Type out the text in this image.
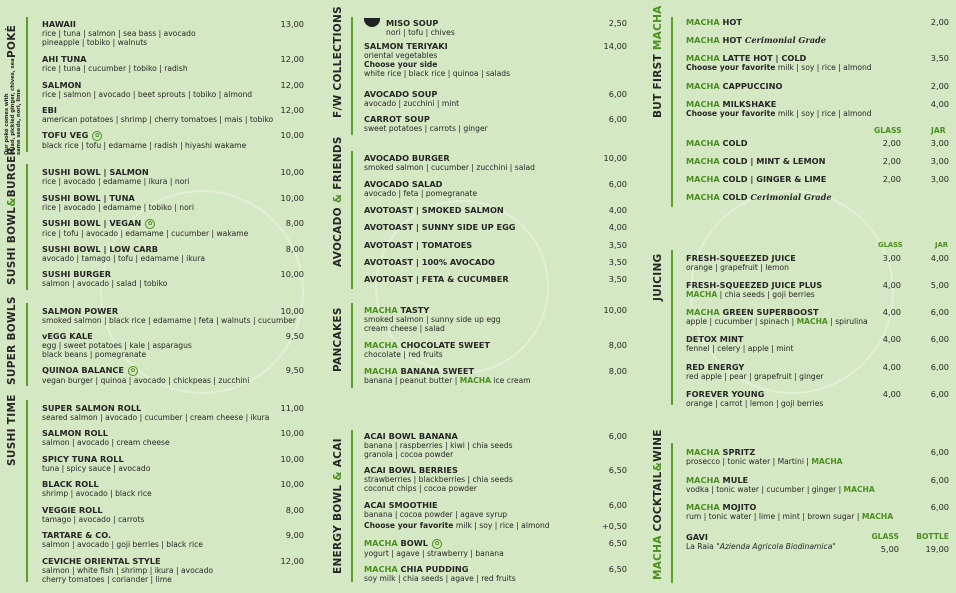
POKÈ
Our poké comes with
salad, pickled ginger, chives, sea
same seeds, nori, lime
HAWAII
rice | tuna | salmon | sea bass | avocado
pineapple | tobiko | walnuts
13,00
AHI TUNA
rice | tuna | cucumber | tobiko | radish
12,00
SALMON
rice | salmon | avocado | beet sprouts | tobiko | almond
12,00
EBI
american potatoes | shrimp | cherry tomatoes | mais | tobiko
12,00
TOFU VEG ✿
black rice | tofu | edamame | radish | hiyashi wakame
10,00
SUSHI BOWL&BURGER	SUSHI BOWL | SALMON
rice | avocado | edamame | ikura | nori
10,00
SUSHI BOWL | TUNA
rice | avocado | edamame | tobiko | nori
10,00
SUSHI BOWL | VEGAN ✿
rice | tofu | avocado | edamame | cucumber | wakame
8,00
SUSHI BOWL | LOW CARB
avocado | tamago | tofu | edamame | ikura
8,00
SUSHI BURGER
salmon | avocado | salad | tobiko
10,00
SUPER BOWLS	SALMON POWER
smoked salmon | black rice | edamame | feta | walnuts | cucumber
10,00
vEGG KALE
egg | sweet potatoes | kale | asparagus
black beans | pomegranate
9,50
QUINOA BALANCE ✿
vegan burger | quinoa | avocado | chickpeas | zucchini
9,50
SUSHI TIME	SUPER SALMON ROLL
seared salmon | avocado | cucumber | cream cheese | ikura
11,00
SALMON ROLL
salmon | avocado | cream cheese
10,00
SPICY TUNA ROLL
tuna | spicy sauce | avocado
10,00
BLACK ROLL
shrimp | avocado | black rice
10,00
VEGGIE ROLL
tamago | avocado | carrots
8,00
TARTARE & CO.
salmon | avocado | goji berries | black rice
9,00
CEVICHE ORIENTAL STYLE
salmon | white fish | shrimp | ikura | avocado
cherry tomatoes | coriander | lime
12,00
F/W COLLECTIONS	MISO SOUP
nori | tofu | chives
2,50
SALMON TERIYAKI
oriental vegetables
Choose your side
white rice | black rice | quinoa | salads
14,00
AVOCADO SOUP
avocado | zucchini | mint
6,00
CARROT SOUP
sweet potatoes | carrots | ginger
6,00
AVOCADO & FRIENDS AVOCADO BURGER
smoked salmon | cucumber | zucchini | salad
10,00
AVOCADO SALAD
avocado | feta | pomegranate
6,00
AVOTOAST | SMOKED SALMON	4,00
AVOTOAST | SUNNY SIDE UP EGG	4,00
AVOTOAST | TOMATOES	3,50
AVOTOAST | 100% AVOCADO	3,50
AVOTOAST | FETA & CUCUMBER	3,50
PANCAKES MACHA TASTY
smoked salmon | sunny side up egg
cream cheese | salad
10,00
MACHA CHOCOLATE SWEET
chocolate | red fruits
8,00
MACHA BANANA SWEET
banana | peanut butter | MACHA ice cream
8,00
ENERGY BOWL & ACAI
ACAI BOWL BANANA
banana | raspberries | kiwi | chia seeds
granola | cocoa powder
6,00
ACAI BOWL BERRIES
strawberries | blackberries | chia seeds
coconut chips | cocoa powder
6,50
ACAI SMOOTHIE
banana | cocoa powder | agave syrup
6,00
Choose your favorite milk | soy | rice | almond	+0,50
MACHA BOWL ✿
yogurt | agave | strawberry | banana
6,50
MACHA CHIA PUDDING
soy milk | chia seeds | agave | red fruits
6,50
BUT FIRST MACHA	MACHA HOT	2,00
MACHA HOT Cerimonial Grade
MACHA LATTE HOT | COLD
Choose your favorite milk | soy | rice | almond
3,50
MACHA CAPPUCCINO	2,00
MACHA MILKSHAKE
Choose your favorite milk | soy | rice | almond
4,00
GLASS	JAR
MACHA COLD	2,00	3,00
MACHA COLD | MINT & LEMON	2,00	3,00
MACHA COLD | GINGER & LIME	2,00	3,00
MACHA COLD Cerimonial Grade
JUICING
GLASS	JAR
FRESH-SQUEEZED JUICE
orange | grapefruit | lemon
3,00	4,00
FRESH-SQUEEZED JUICE PLUS
MACHA | chia seeds | goji berries
4,00	5,00
MACHA GREEN SUPERBOOST
apple | cucumber | spinach | MACHA | spirulina
4,00	6,00
DETOX MINT
fennel | celery | apple | mint
4,00	6,00
RED ENERGY
red apple | pear | grapefruit | ginger
4,00	6,00
FOREVER YOUNG
orange | carrot | lemon | goji berries
4,00	6,00
MACHA COCKTAIL&WINE	MACHA SPRITZ
prosecco | tonic water | Martini | MACHA
6,00
MACHA MULE
vodka | tonic water | cucumber | ginger | MACHA
6,00
MACHA MOJITO
rum | tonic water | lime | mint | brown sugar | MACHA
6,00
GAVI
La Raia "Azienda Agricola Biodinamica"
GLASS BOTTLE
5,00	19,00
